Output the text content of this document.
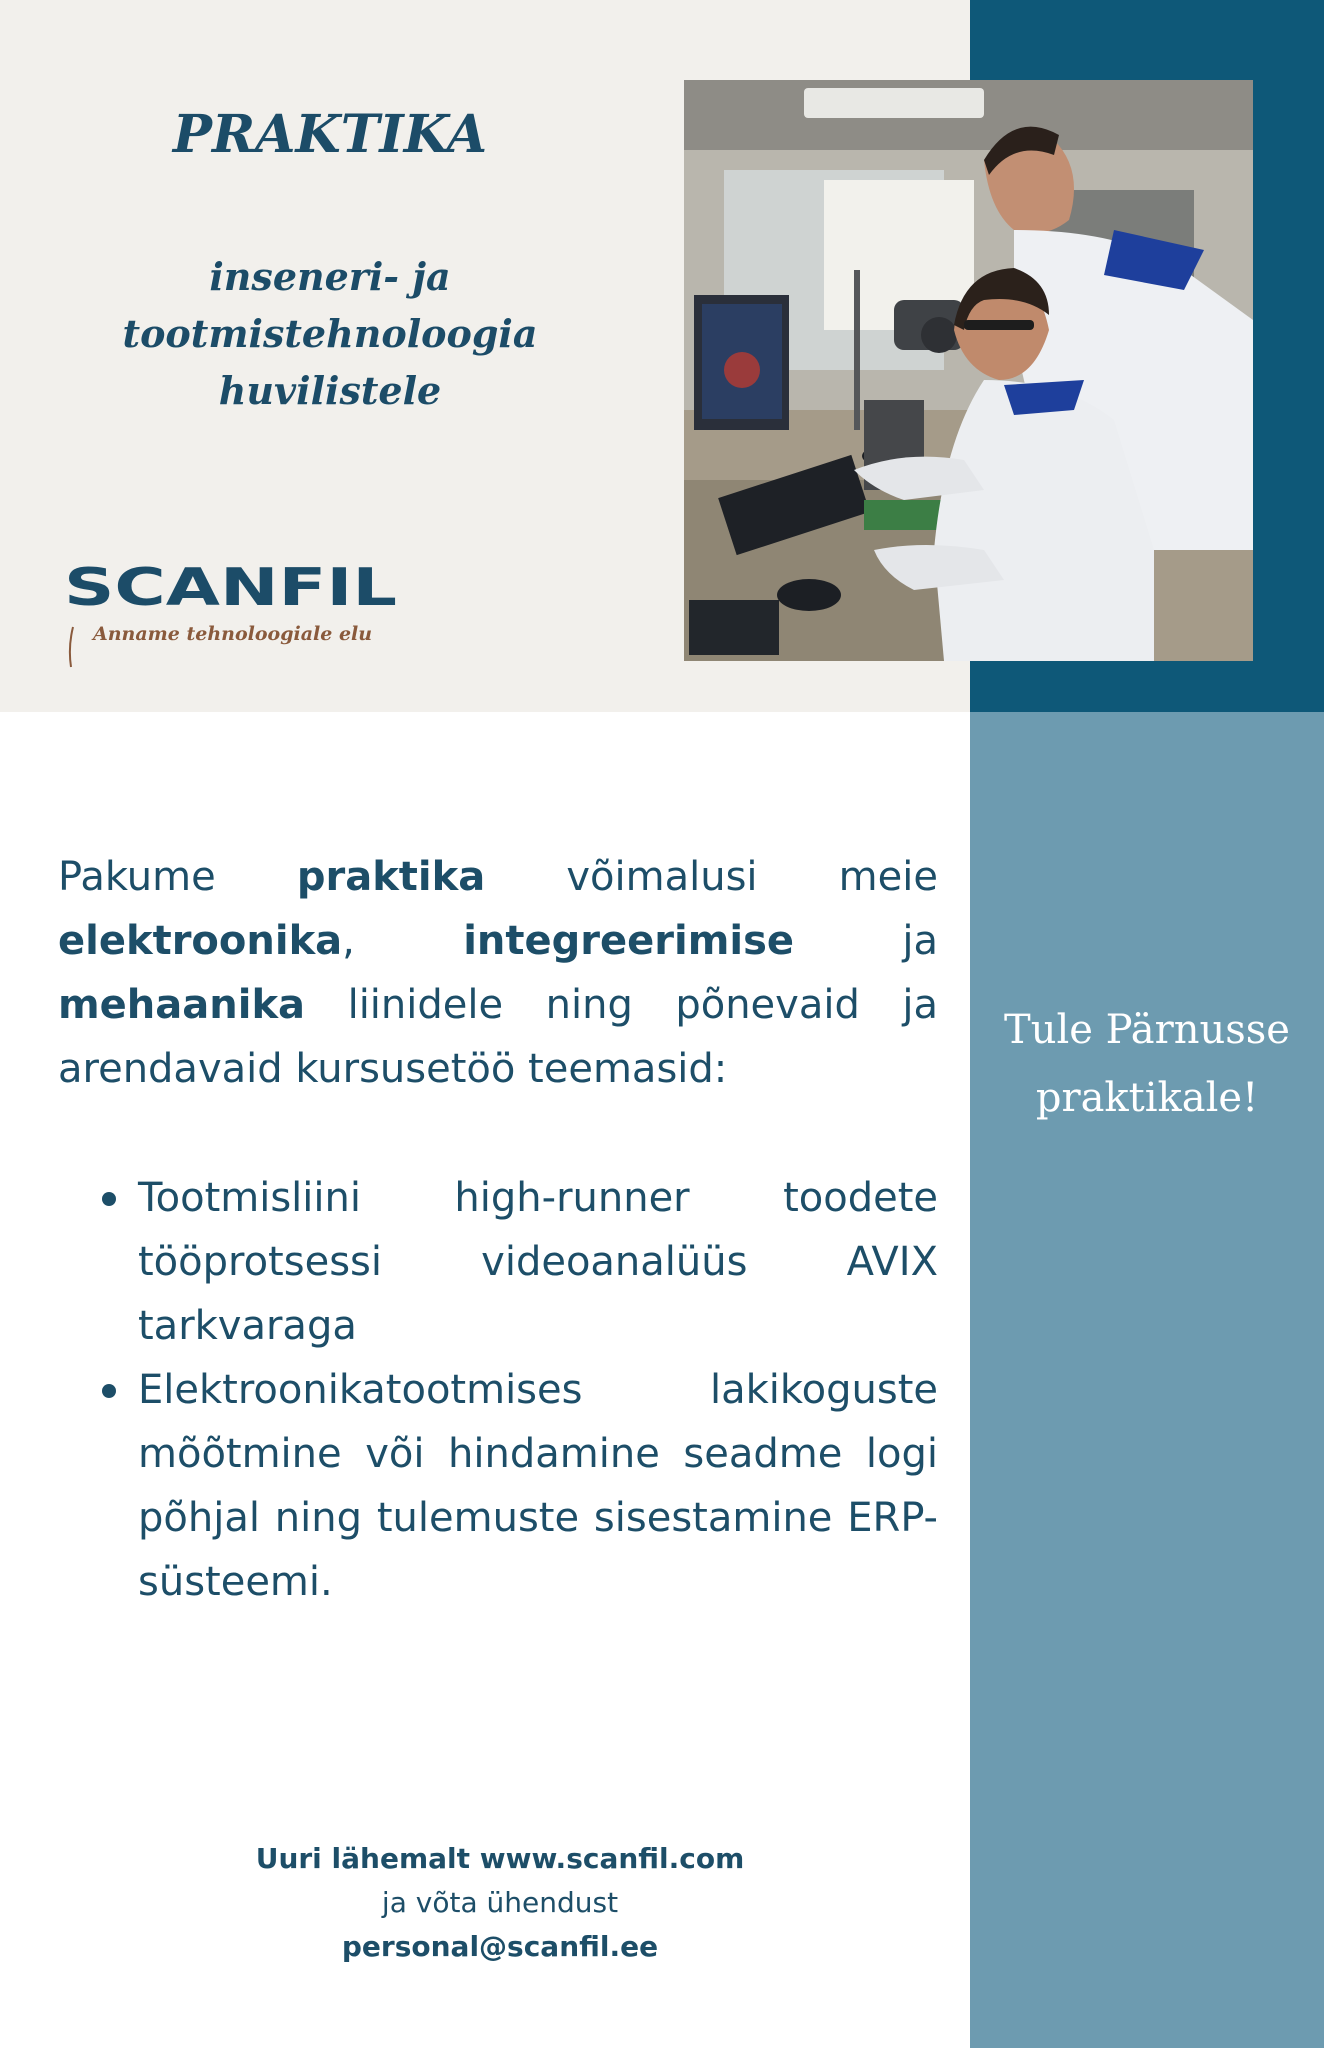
PRAKTIKA
inseneri- ja
tootmistehnoloogia
huvilistele
SCANFIL
Anname tehnoloogiale elu

Pakume praktika võimalusi meie elektroonika, integreerimise ja mehaanika liinidele ning põnevaid ja arendavaid kursusetöö teemasid:

Tootmisliini high-runner toodete tööprotsessi videoanalüüs AVIX tarkvaraga
Elektroonikatootmises lakikoguste mõõtmine või hindamine seadme logi põhjal ning tulemuste sisestamine ERP-süsteemi.
Tule Pärnusse
praktikale!
Uuri lähemalt www.scanfil.com
ja võta ühendust
personal@scanfil.ee
